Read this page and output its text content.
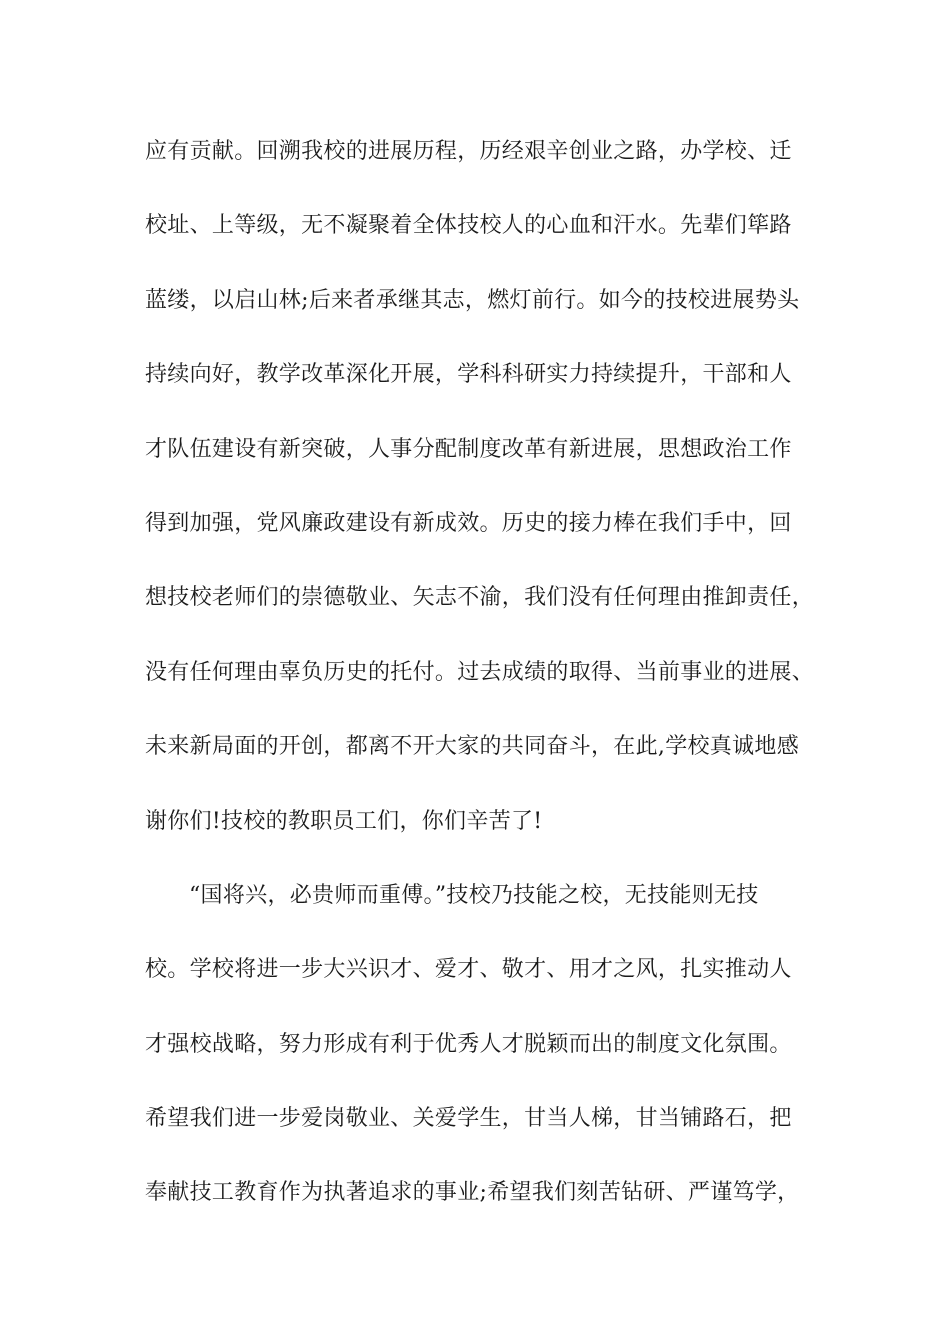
应有贡献。回溯我校的进展历程，历经艰辛创业之路，办学校、迁
校址、上等级，无不凝聚着全体技校人的心血和汗水。先辈们筚路
蓝缕，以启山林;后来者承继其志，燃灯前行。如今的技校进展势头
持续向好，教学改革深化开展，学科科研实力持续提升，干部和人
才队伍建设有新突破，人事分配制度改革有新进展，思想政治工作
得到加强，党风廉政建设有新成效。历史的接力棒在我们手中，回
想技校老师们的崇德敬业、矢志不渝，我们没有任何理由推卸责任，
没有任何理由辜负历史的托付。过去成绩的取得、当前事业的进展、
未来新局面的开创，都离不开大家的共同奋斗，在此,学校真诚地感
谢你们!技校的教职员工们，你们辛苦了!
“国将兴，必贵师而重傅。”技校乃技能之校，无技能则无技
校。学校将进一步大兴识才、爱才、敬才、用才之风，扎实推动人
才强校战略，努力形成有利于优秀人才脱颖而出的制度文化氛围。
希望我们进一步爱岗敬业、关爱学生，甘当人梯，甘当铺路石，把
奉献技工教育作为执著追求的事业;希望我们刻苦钻研、严谨笃学，
